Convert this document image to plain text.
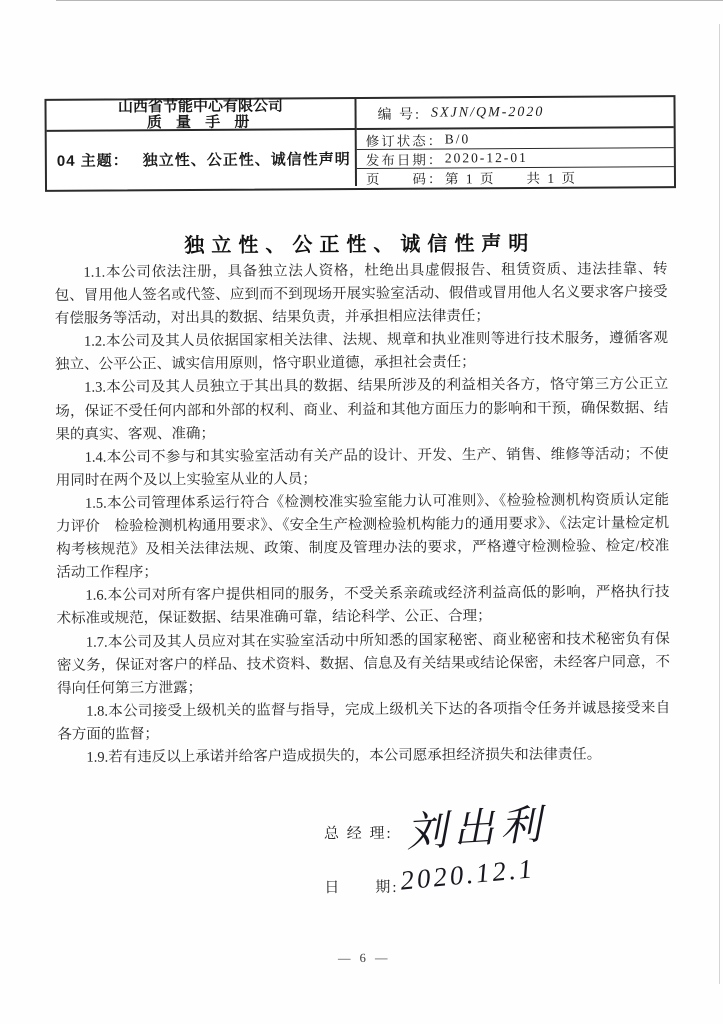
山西省节能中心有限公司
质 量 手 册	编 号: SXJN/QM-2020
04 主题： 独立性、公正性、诚信性声明
修订状态： B/0
发布日期： 2020-12-01
页　　码： 第 1 页　　共 1 页
独立性、公正性、诚信性声明

1.1.本公司依法注册，具备独立法人资格，杜绝出具虚假报告、租赁资质、违法挂靠、转包、冒用他人签名或代签、应到而不到现场开展实验室活动、假借或冒用他人名义要求客户接受有偿服务等活动，对出具的数据、结果负责，并承担相应法律责任；

1.2.本公司及其人员依据国家相关法律、法规、规章和执业准则等进行技术服务，遵循客观独立、公平公正、诚实信用原则，恪守职业道德，承担社会责任；

1.3.本公司及其人员独立于其出具的数据、结果所涉及的利益相关各方，恪守第三方公正立场，保证不受任何内部和外部的权利、商业、利益和其他方面压力的影响和干预，确保数据、结果的真实、客观、准确；

1.4.本公司不参与和其实验室活动有关产品的设计、开发、生产、销售、维修等活动；不使用同时在两个及以上实验室从业的人员；

1.5.本公司管理体系运行符合《检测校准实验室能力认可准则》、《检验检测机构资质认定能力评价　检验检测机构通用要求》、《安全生产检测检验机构能力的通用要求》、《法定计量检定机构考核规范》及相关法律法规、政策、制度及管理办法的要求，严格遵守检测检验、检定/校准活动工作程序；

1.6.本公司对所有客户提供相同的服务，不受关系亲疏或经济利益高低的影响，严格执行技术标准或规范，保证数据、结果准确可靠，结论科学、公正、合理；

1.7.本公司及其人员应对其在实验室活动中所知悉的国家秘密、商业秘密和技术秘密负有保密义务，保证对客户的样品、技术资料、数据、信息及有关结果或结论保密，未经客户同意，不得向任何第三方泄露；

1.8.本公司接受上级机关的监督与指导，完成上级机关下达的各项指令任务并诚恳接受来自各方面的监督；

1.9.若有违反以上承诺并给客户造成损失的，本公司愿承担经济损失和法律责任。

总 经 理: 刘出利
日　　期: 2020.12.1
— 6 —
